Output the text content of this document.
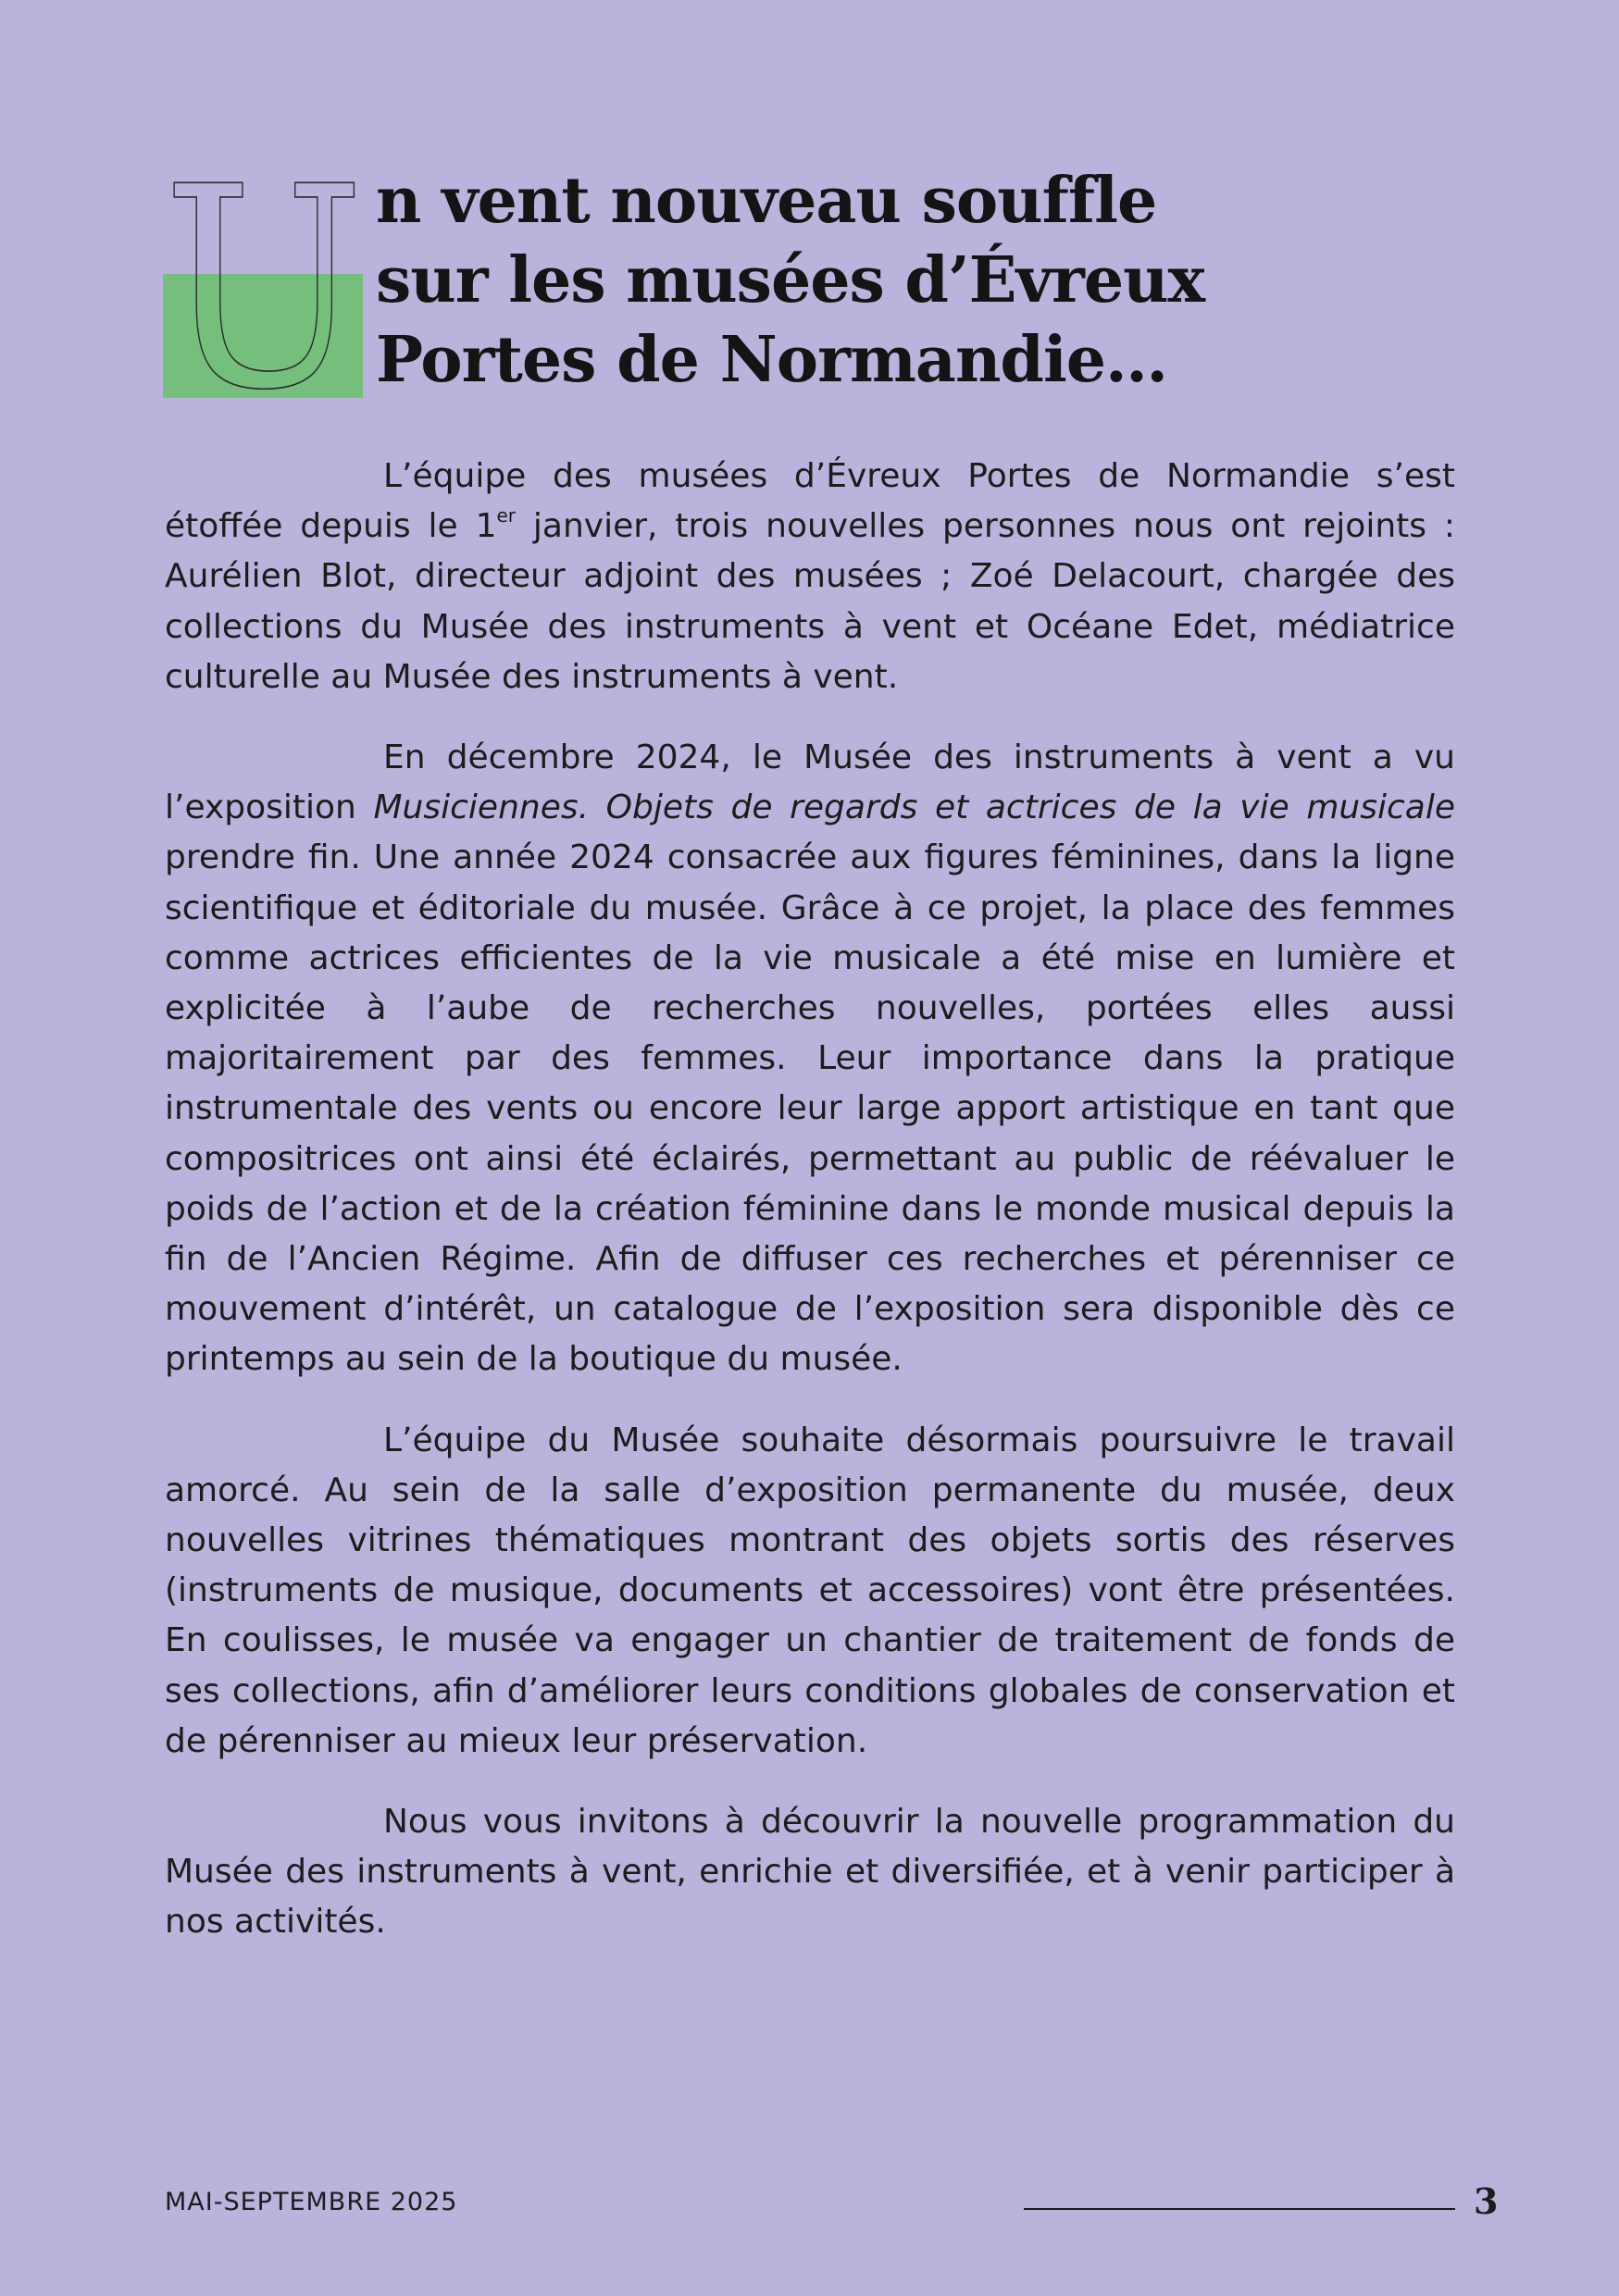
U n vent nouveau souffle
sur les musées d’Évreux
Portes de Normandie…

L’équipe des musées d’Évreux Portes de Normandie s’est étoffée depuis le 1er janvier, trois nouvelles personnes nous ont rejoints : Aurélien Blot, directeur adjoint des musées ; Zoé Delacourt, chargée des collections du Musée des instruments à vent et Océane Edet, médiatrice culturelle au Musée des instruments à vent.

En décembre 2024, le Musée des instruments à vent a vu l’exposition Musiciennes. Objets de regards et actrices de la vie musicale prendre fin. Une année 2024 consacrée aux figures féminines, dans la ligne scientifique et éditoriale du musée. Grâce à ce projet, la place des femmes comme actrices efficientes de la vie musicale a été mise en lumière et explicitée à l’aube de recherches nouvelles, portées elles aussi majoritairement par des femmes. Leur importance dans la pratique instrumentale des vents ou encore leur large apport artistique en tant que compositrices ont ainsi été éclairés, permettant au public de réévaluer le poids de l’action et de la création féminine dans le monde musical depuis la fin de l’Ancien Régime. Afin de diffuser ces recherches et pérenniser ce mouvement d’intérêt, un catalogue de l’exposition sera disponible dès ce printemps au sein de la boutique du musée.

L’équipe du Musée souhaite désormais poursuivre le travail amorcé. Au sein de la salle d’exposition permanente du musée, deux nouvelles vitrines thématiques montrant des objets sortis des réserves (instruments de musique, documents et accessoires) vont être présentées. En coulisses, le musée va engager un chantier de traitement de fonds de ses collections, afin d’améliorer leurs conditions globales de conservation et de pérenniser au mieux leur préservation.

Nous vous invitons à découvrir la nouvelle programmation du Musée des instruments à vent, enrichie et diversifiée, et à venir participer à nos activités.

MAI-SEPTEMBRE 2025	3
